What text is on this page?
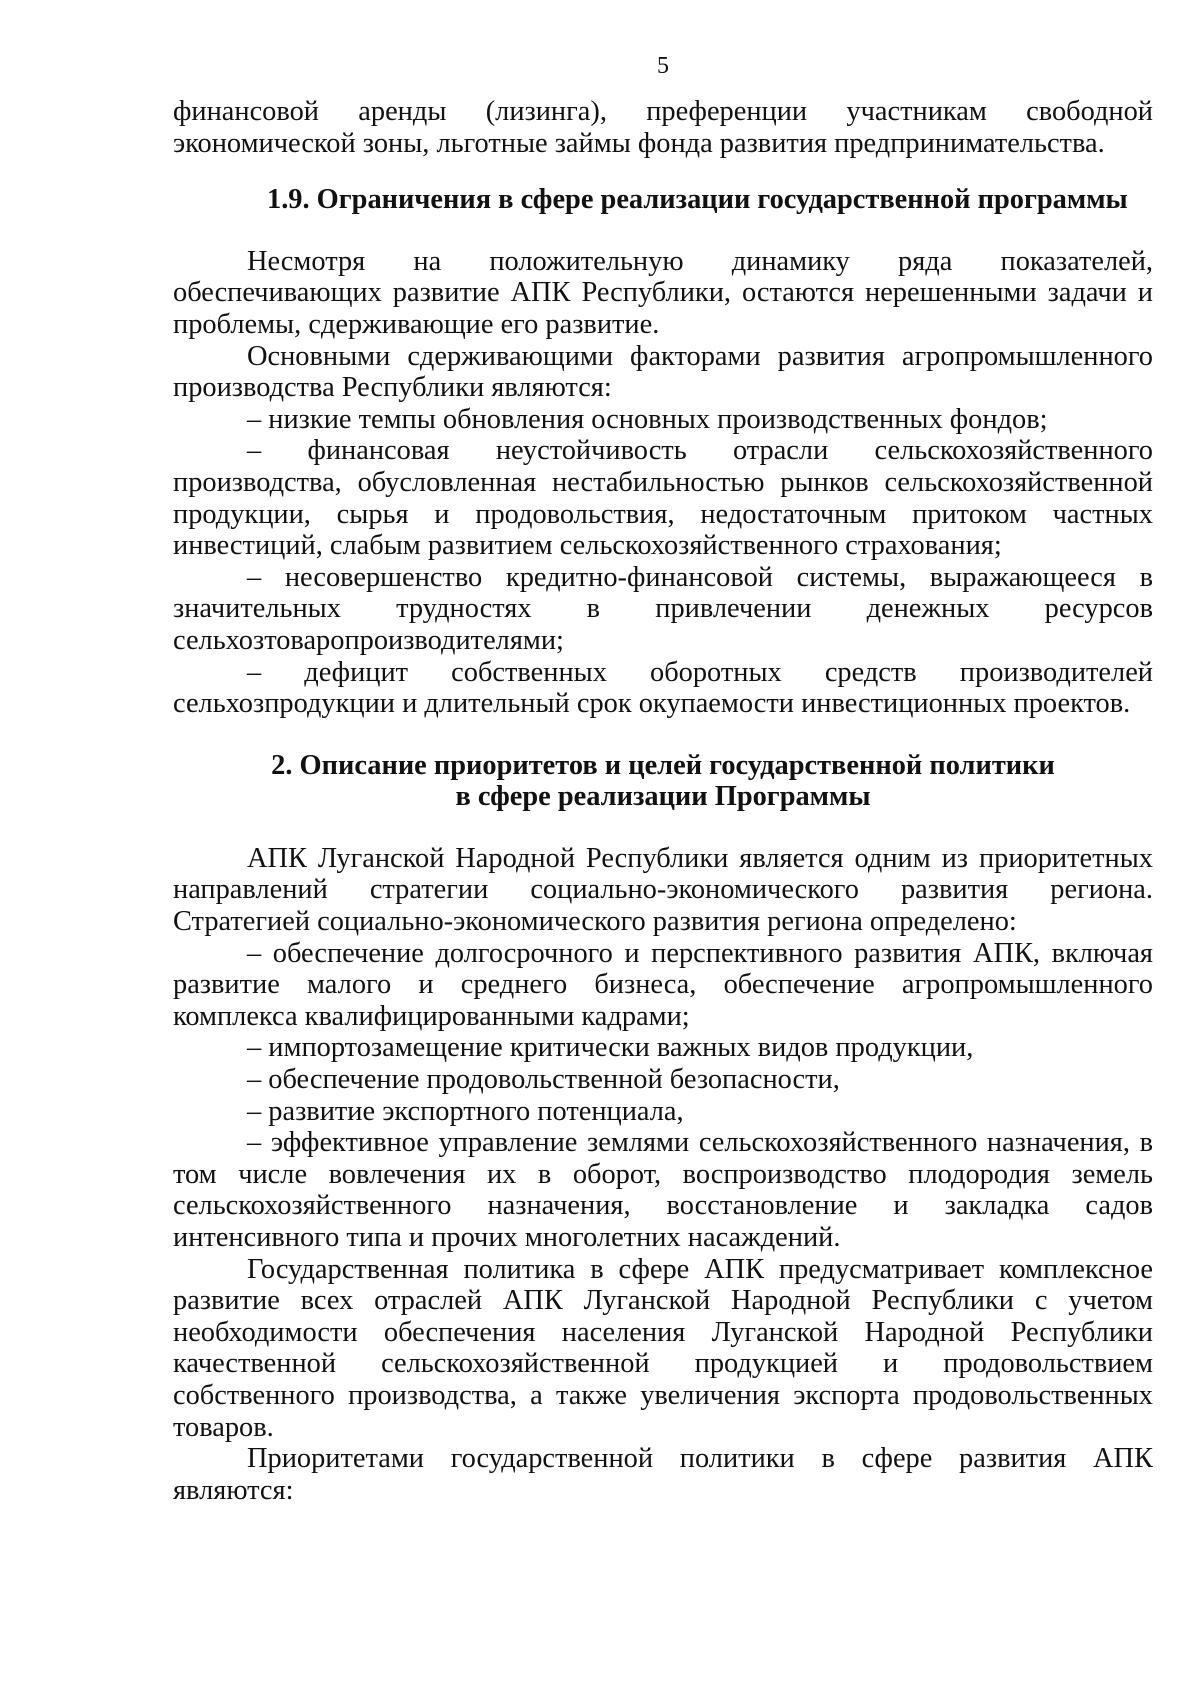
5

финансовой аренды (лизинга), преференции участникам свободной экономической зоны, льготные займы фонда развития предпринимательства.

1.9. Ограничения в сфере реализации государственной программы

Несмотря на положительную динамику ряда показателей, обеспечивающих развитие АПК Республики, остаются нерешенными задачи и проблемы, сдерживающие его развитие.

Основными сдерживающими факторами развития агропромышленного производства Республики являются:

– низкие темпы обновления основных производственных фондов;

– финансовая неустойчивость отрасли сельскохозяйственного производства, обусловленная нестабильностью рынков сельскохозяйственной продукции, сырья и продовольствия, недостаточным притоком частных инвестиций, слабым развитием сельскохозяйственного страхования;

– несовершенство кредитно-финансовой системы, выражающееся в значительных трудностях в привлечении денежных ресурсов сельхозтоваропроизводителями;

– дефицит собственных оборотных средств производителей сельхозпродукции и длительный срок окупаемости инвестиционных проектов.

2. Описание приоритетов и целей государственной политики
в сфере реализации Программы

АПК Луганской Народной Республики является одним из приоритетных направлений стратегии социально-экономического развития региона. Стратегией социально-экономического развития региона определено:

– обеспечение долгосрочного и перспективного развития АПК, включая развитие малого и среднего бизнеса, обеспечение агропромышленного комплекса квалифицированными кадрами;

– импортозамещение критически важных видов продукции,

– обеспечение продовольственной безопасности,

– развитие экспортного потенциала,

– эффективное управление землями сельскохозяйственного назначения, в том числе вовлечения их в оборот, воспроизводство плодородия земель сельскохозяйственного назначения, восстановление и закладка садов интенсивного типа и прочих многолетних насаждений.

Государственная политика в сфере АПК предусматривает комплексное развитие всех отраслей АПК Луганской Народной Республики с учетом необходимости обеспечения населения Луганской Народной Республики качественной сельскохозяйственной продукцией и продовольствием собственного производства, а также увеличения экспорта продовольственных товаров.

Приоритетами государственной политики в сфере развития АПК являются:
